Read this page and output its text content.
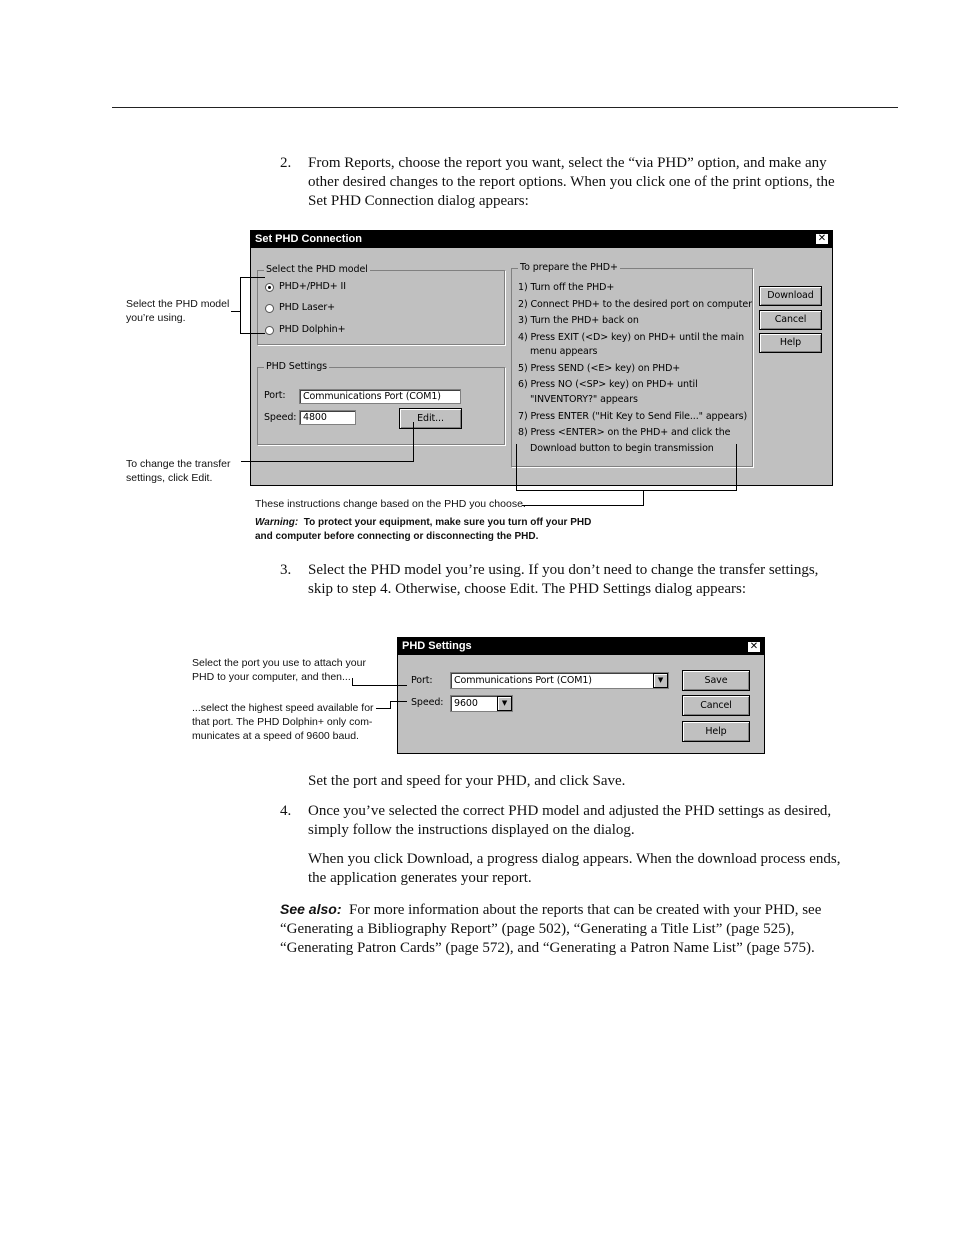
2.	From Reports, choose the report you want, select the “via PHD” option, and make any other desired changes to the report options. When you click one of the print options, the Set PHD Connection dialog appears:
Set PHD Connection	✕
Select the PHD model
PHD+/PHD+ II
PHD Laser+
PHD Dolphin+
PHD Settings
Port:	Communications Port (COM1)
Speed: 4800	Edit...
To prepare the PHD+
1) Turn off the PHD+
2) Connect PHD+ to the desired port on computer
3) Turn the PHD+ back on
4) Press EXIT (<D> key) on PHD+ until the main
menu appears
5) Press SEND (<E> key) on PHD+
6) Press NO (<SP> key) on PHD+ until
"INVENTORY?" appears
7) Press ENTER ("Hit Key to Send File..." appears)
8) Press <ENTER> on the PHD+ and click the
Download button to begin transmission
Download
Cancel
Help
Select the PHD model
you’re using.
To change the transfer
settings, click Edit.
These instructions change based on the PHD you choose.
Warning: To protect your equipment, make sure you turn off your PHD
and computer before connecting or disconnecting the PHD.
3.	Select the PHD model you’re using. If you don’t need to change the transfer settings, skip to step 4. Otherwise, choose Edit. The PHD Settings dialog appears:
PHD Settings	✕
Port:	Communications Port (COM1)	▼
Speed:	9600	▼
Save
Cancel
Help
Select the port you use to attach your
PHD to your computer, and then...
...select the highest speed available for
that port. The PHD Dolphin+ only com-
municates at a speed of 9600 baud.
Set the port and speed for your PHD, and click Save.
4.	Once you’ve selected the correct PHD model and adjusted the PHD settings as desired, simply follow the instructions displayed on the dialog.
When you click Download, a progress dialog appears. When the download process ends, the application generates your report.
See also: For more information about the reports that can be created with your PHD, see “Generating a Bibliography Report” (page 502), “Generating a Title List” (page 525), “Generating Patron Cards” (page 572), and “Generating a Patron Name List” (page 575).
